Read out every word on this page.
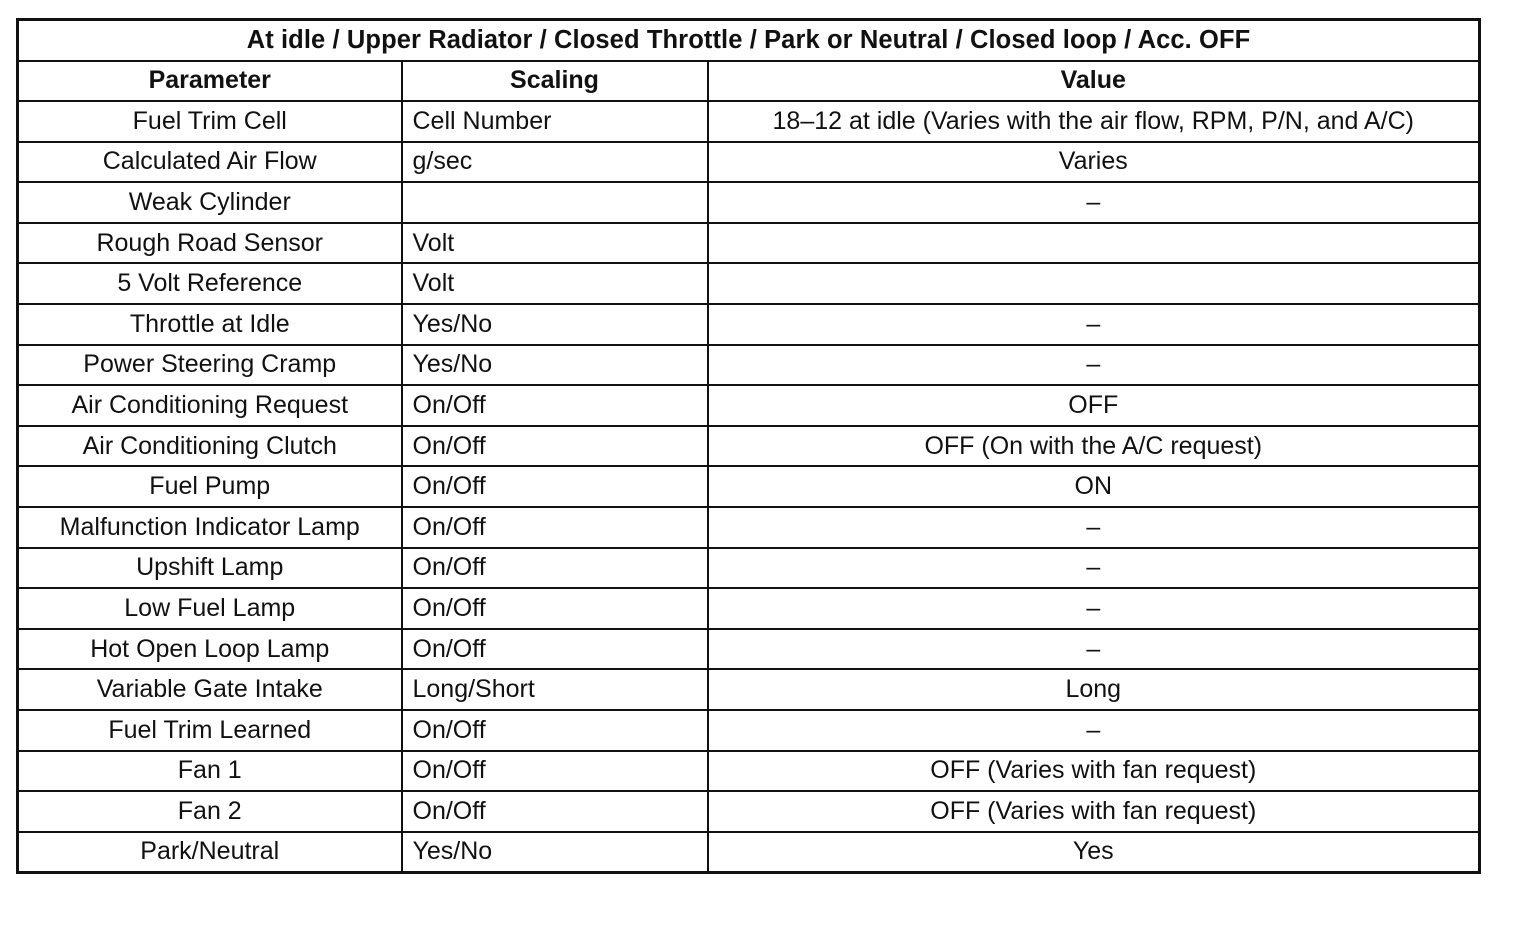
At idle / Upper Radiator / Closed Throttle / Park or Neutral / Closed loop / Acc. OFF		
Parameter	Scaling	Value
Fuel Trim Cell	Cell Number	18–12 at idle (Varies with the air flow, RPM, P/N, and A/C)
Calculated Air Flow	g/sec	Varies
Weak Cylinder		–
Rough Road Sensor	Volt	
5 Volt Reference	Volt	
Throttle at Idle	Yes/No	–
Power Steering Cramp	Yes/No	–
Air Conditioning Request	On/Off	OFF
Air Conditioning Clutch	On/Off	OFF (On with the A/C request)
Fuel Pump	On/Off	ON
Malfunction Indicator Lamp	On/Off	–
Upshift Lamp	On/Off	–
Low Fuel Lamp	On/Off	–
Hot Open Loop Lamp	On/Off	–
Variable Gate Intake	Long/Short	Long
Fuel Trim Learned	On/Off	–
Fan 1	On/Off	OFF (Varies with fan request)
Fan 2	On/Off	OFF (Varies with fan request)
Park/Neutral	Yes/No	Yes
